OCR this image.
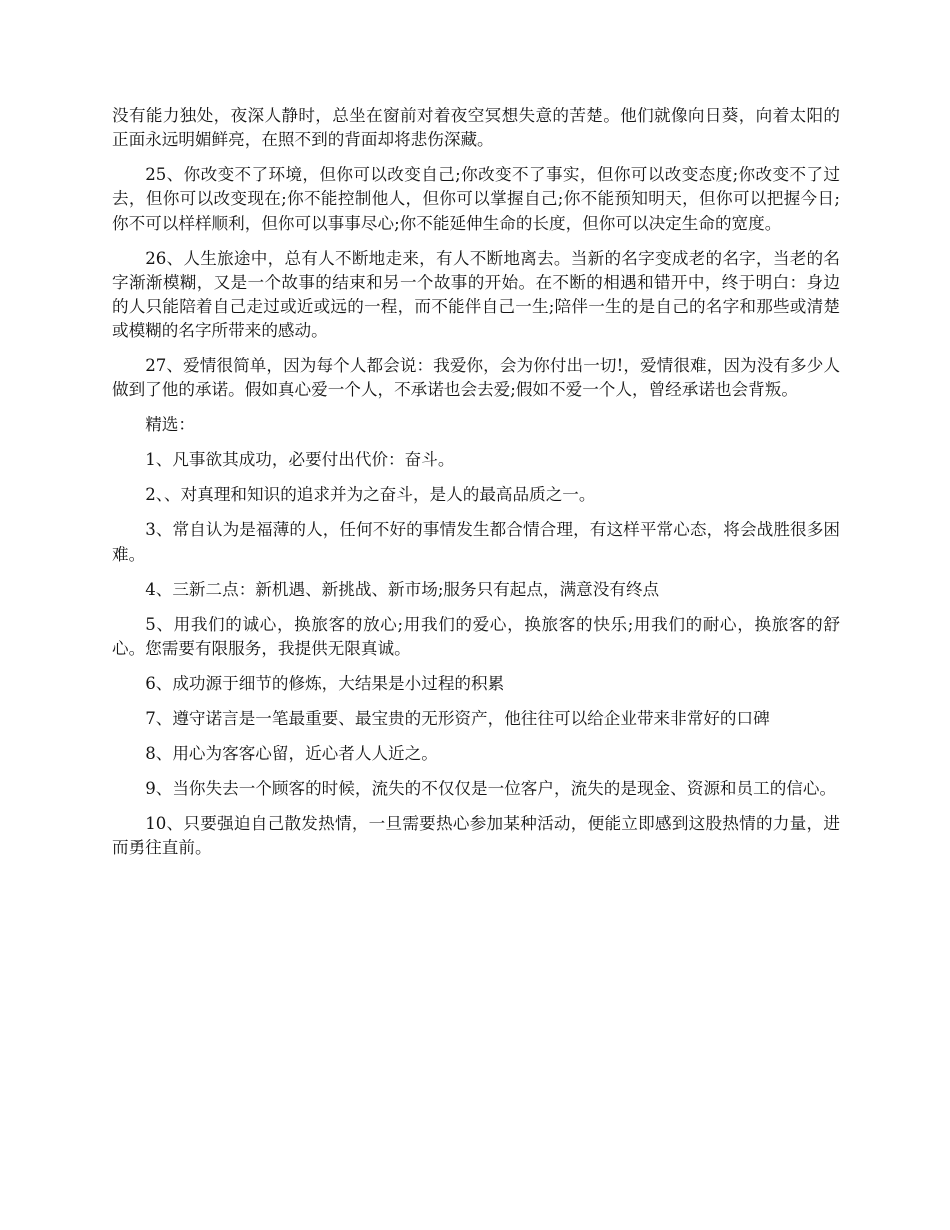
没有能力独处，夜深人静时，总坐在窗前对着夜空冥想失意的苦楚。他们就像向日葵，向着太阳的正面永远明媚鲜亮，在照不到的背面却将悲伤深藏。

25、你改变不了环境，但你可以改变自己;你改变不了事实，但你可以改变态度;你改变不了过去，但你可以改变现在;你不能控制他人，但你可以掌握自己;你不能预知明天，但你可以把握今日;你不可以样样顺利，但你可以事事尽心;你不能延伸生命的长度，但你可以决定生命的宽度。

26、人生旅途中，总有人不断地走来，有人不断地离去。当新的名字变成老的名字，当老的名字渐渐模糊，又是一个故事的结束和另一个故事的开始。在不断的相遇和错开中，终于明白：身边的人只能陪着自己走过或近或远的一程，而不能伴自己一生;陪伴一生的是自己的名字和那些或清楚或模糊的名字所带来的感动。

27、爱情很简单，因为每个人都会说：我爱你，会为你付出一切!，爱情很难，因为没有多少人做到了他的承诺。假如真心爱一个人，不承诺也会去爱;假如不爱一个人，曾经承诺也会背叛。

精选：

1、凡事欲其成功，必要付出代价：奋斗。

2、、对真理和知识的追求并为之奋斗，是人的最高品质之一。

3、常自认为是福薄的人，任何不好的事情发生都合情合理，有这样平常心态，将会战胜很多困难。

4、三新二点：新机遇、新挑战、新市场;服务只有起点，满意没有终点

5、用我们的诚心，换旅客的放心;用我们的爱心，换旅客的快乐;用我们的耐心，换旅客的舒心。您需要有限服务，我提供无限真诚。

6、成功源于细节的修炼，大结果是小过程的积累

7、遵守诺言是一笔最重要、最宝贵的无形资产，他往往可以给企业带来非常好的口碑

8、用心为客客心留，近心者人人近之。

9、当你失去一个顾客的时候，流失的不仅仅是一位客户，流失的是现金、资源和员工的信心。

10、只要强迫自己散发热情，一旦需要热心参加某种活动，便能立即感到这股热情的力量，进而勇往直前。
